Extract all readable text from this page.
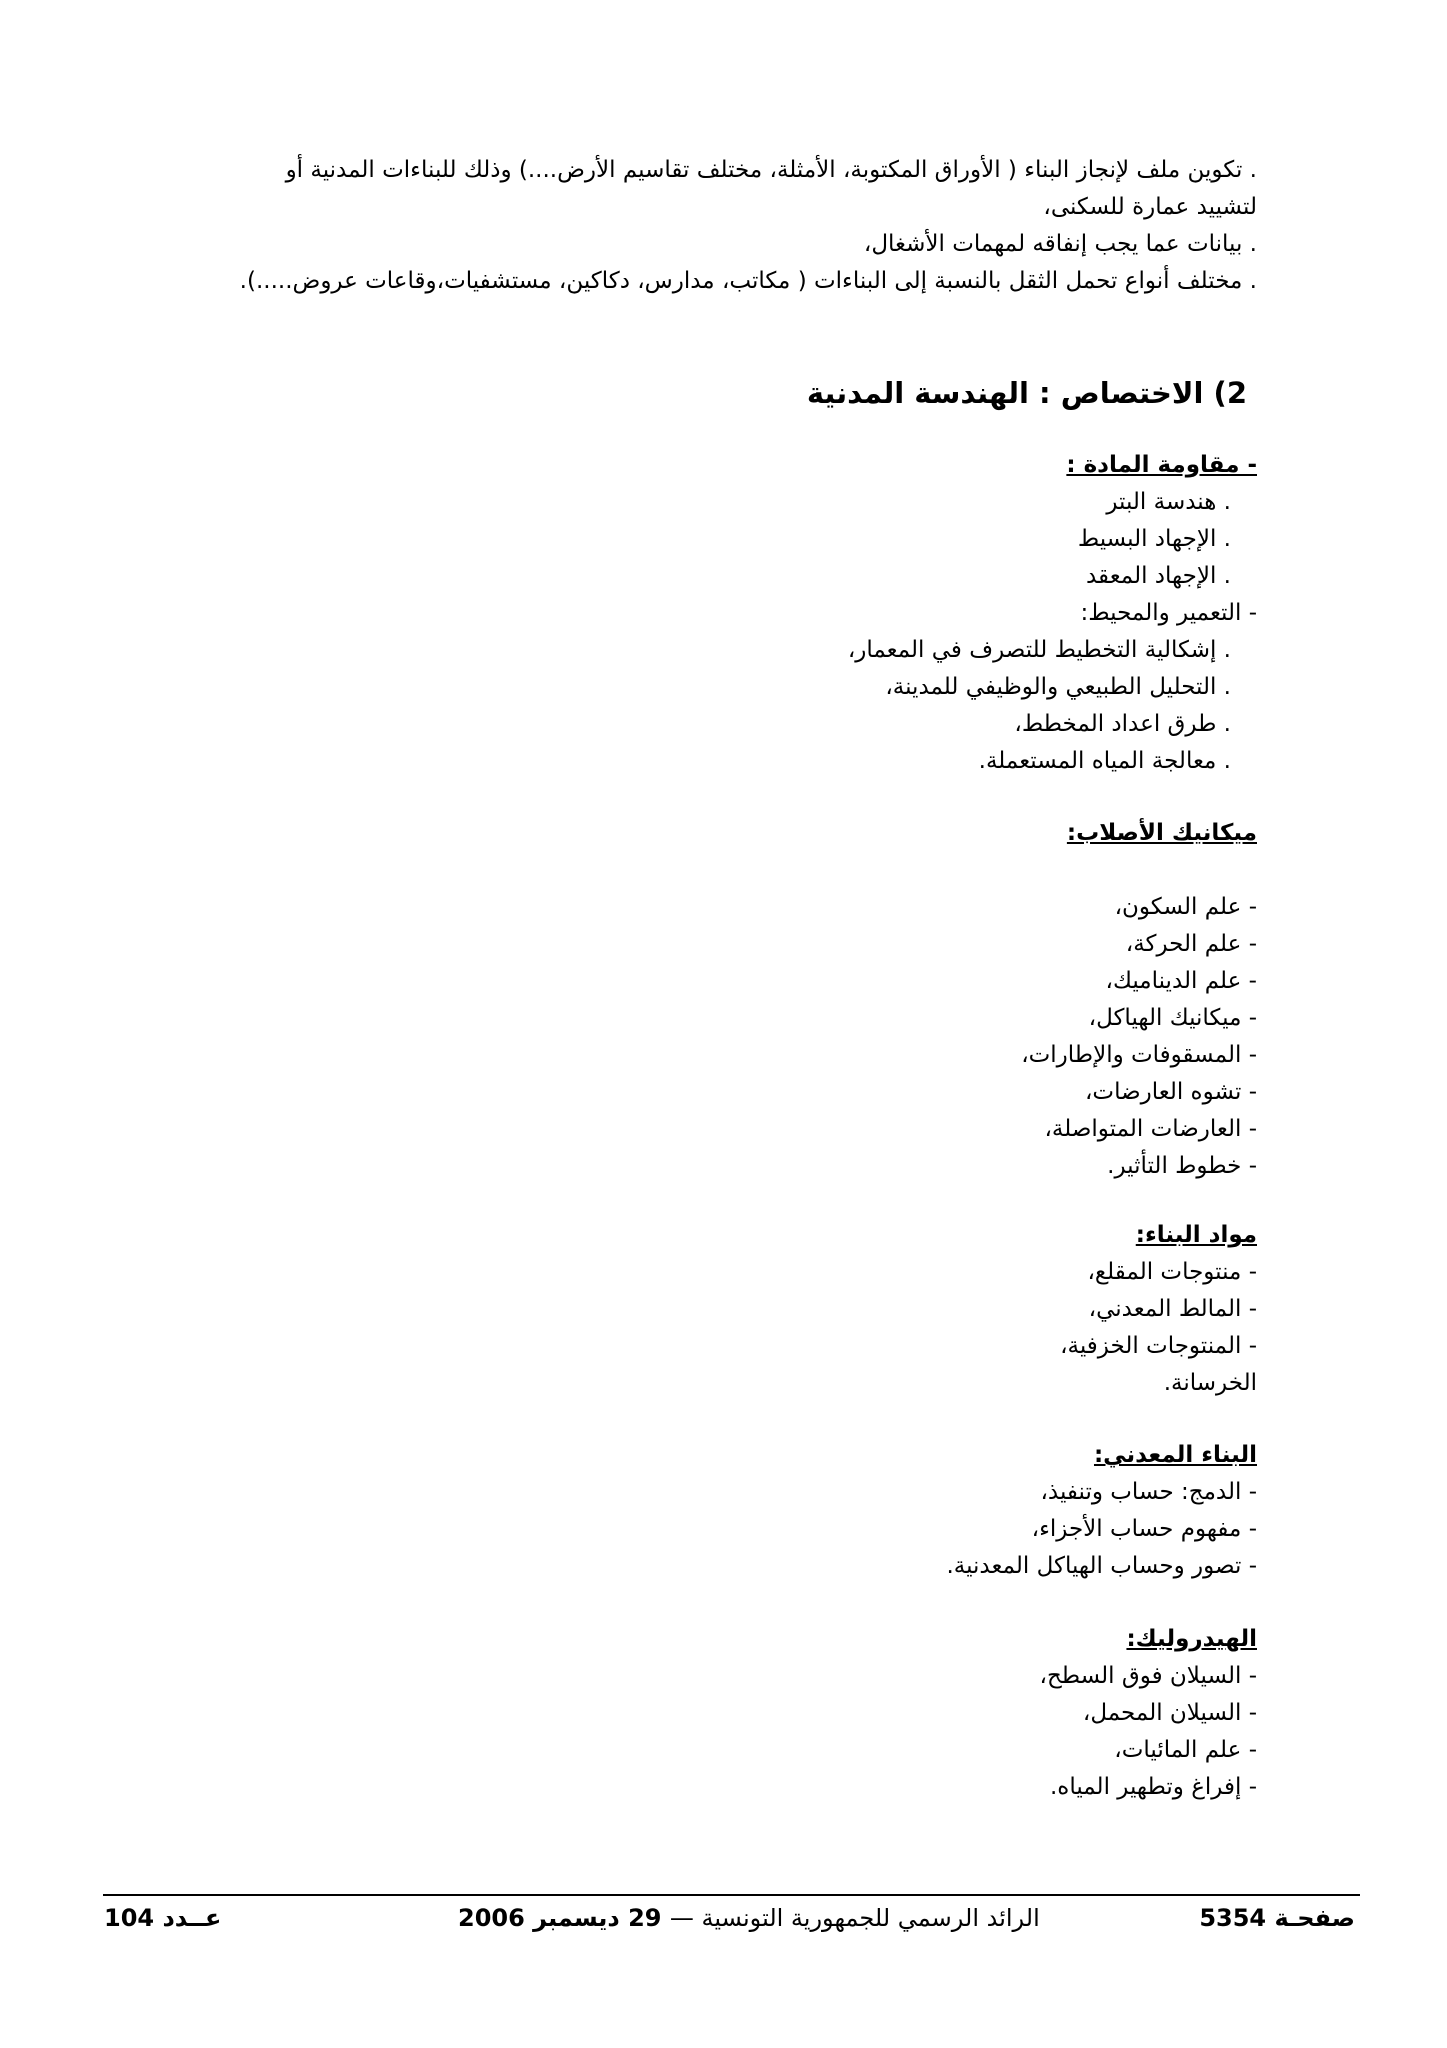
. تكوين ملف لإنجاز البناء ( الأوراق المكتوبة، الأمثلة، مختلف تقاسيم الأرض....) وذلك للبناءات المدنية أو لتشييد عمارة للسكنى،
. بيانات عما يجب إنفاقه لمهمات الأشغال،
. مختلف أنواع تحمل الثقل بالنسبة إلى البناءات ( مكاتب، مدارس، دكاكين، مستشفيات،وقاعات عروض.....).
2) الاختصاص : الهندسة المدنية
- مقاومة المادة :
. هندسة البتر
. الإجهاد البسيط
. الإجهاد المعقد
- التعمير والمحيط:
. إشكالية التخطيط للتصرف في المعمار،
. التحليل الطبيعي والوظيفي للمدينة،
. طرق اعداد المخطط،
. معالجة المياه المستعملة.
ميكانيك الأصلاب:
- علم السكون،
- علم الحركة،
- علم الديناميك،
- ميكانيك الهياكل،
- المسقوفات والإطارات،
- تشوه العارضات،
- العارضات المتواصلة،
- خطوط التأثير.
مواد البناء:
- منتوجات المقلع،
- المالط المعدني،
- المنتوجات الخزفية،
الخرسانة.
البناء المعدني:
- الدمج: حساب وتنفيذ،
- مفهوم حساب الأجزاء،
- تصور وحساب الهياكل المعدنية.
الهيدروليك:
- السيلان فوق السطح،
- السيلان المحمل،
- علم المائيات،
- إفراغ وتطهير المياه.
صفحـة 5354
الرائد الرسمي للجمهورية التونسية — 29 ديسمبر 2006
عــدد 104
